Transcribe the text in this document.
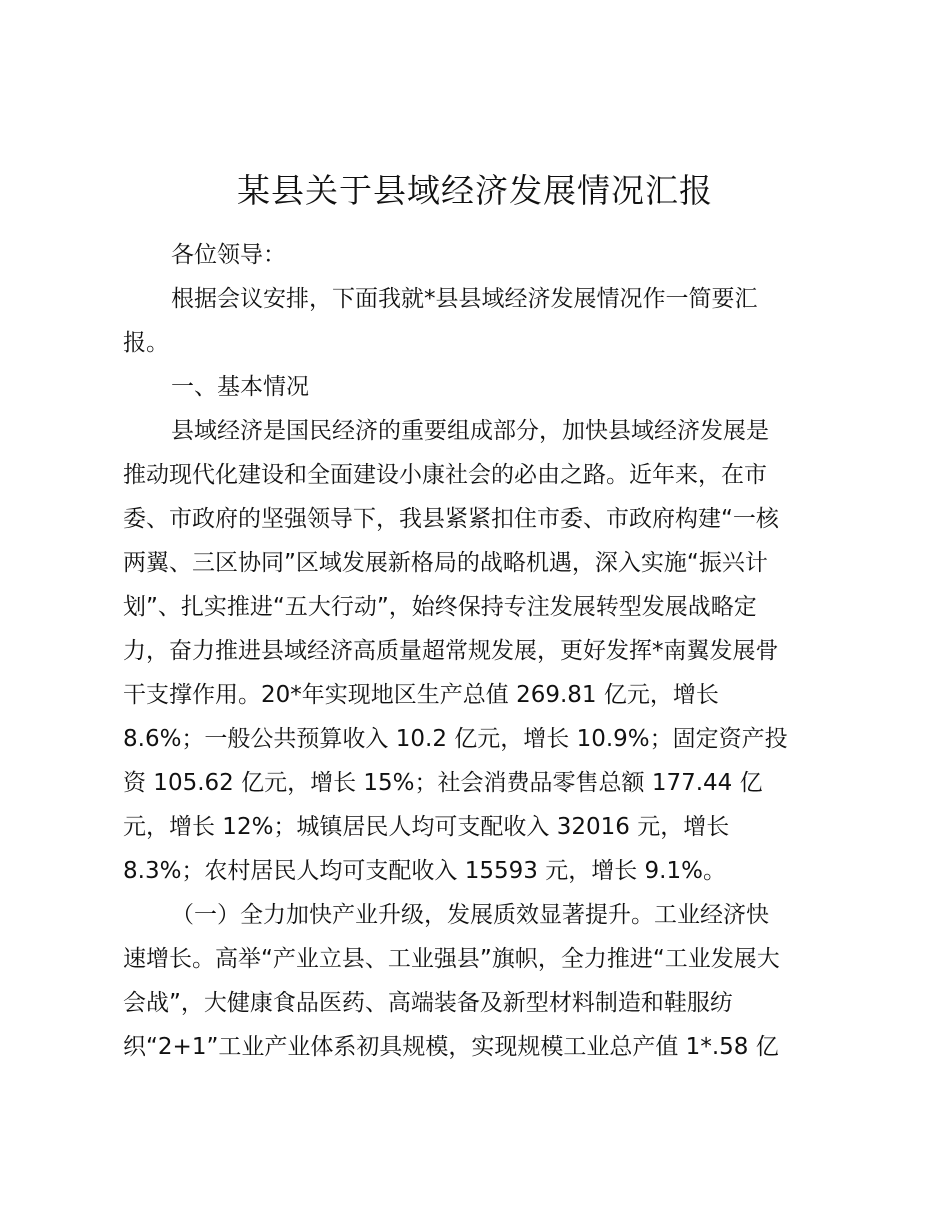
某县关于县域经济发展情况汇报

各位领导：

根据会议安排，下面我就*县县域经济发展情况作一简要汇

报。

一、基本情况

县域经济是国民经济的重要组成部分，加快县域经济发展是

推动现代化建设和全面建设小康社会的必由之路。近年来，在市

委、市政府的坚强领导下，我县紧紧扣住市委、市政府构建“一核

两翼、三区协同”区域发展新格局的战略机遇，深入实施“振兴计

划”、扎实推进“五大行动”，始终保持专注发展转型发展战略定

力，奋力推进县域经济高质量超常规发展，更好发挥*南翼发展骨

干支撑作用。20*年实现地区生产总值 269.81 亿元，增长

8.6%；一般公共预算收入 10.2 亿元，增长 10.9%；固定资产投

资 105.62 亿元，增长 15%；社会消费品零售总额 177.44 亿

元，增长 12%；城镇居民人均可支配收入 32016 元，增长

8.3%；农村居民人均可支配收入 15593 元，增长 9.1%。

（一）全力加快产业升级，发展质效显著提升。工业经济快

速增长。高举“产业立县、工业强县”旗帜，全力推进“工业发展大

会战”，大健康食品医药、高端装备及新型材料制造和鞋服纺

织“2+1”工业产业体系初具规模，实现规模工业总产值 1*.58 亿
